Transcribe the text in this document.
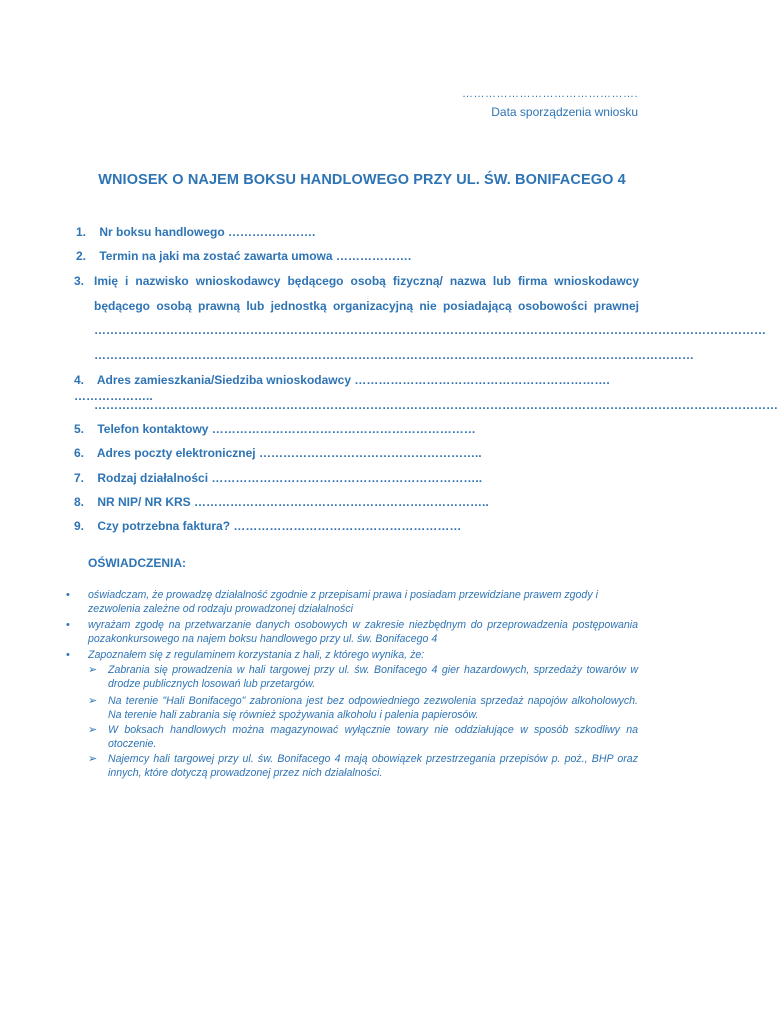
……………………………………….
Data sporządzenia wniosku
WNIOSEK O NAJEM BOKSU HANDLOWEGO PRZY UL. ŚW. BONIFACEGO 4
1. Nr boksu handlowego ………………….
2. Termin na jaki ma zostać zawarta umowa ……………….
3. Imię i nazwisko wnioskodawcy będącego osobą fizyczną/ nazwa lub firma wnioskodawcy
będącego osobą prawną lub jednostką organizacyjną nie posiadającą osobowości prawnej
……………………………………………………………………………………………………………………………………………………
……………………………………………………………………………………………………………………………………
4. Adres zamieszkania/Siedziba wnioskodawcy ………………………………………………………. ………………..
………………………………………………………………………………………………………………………………………………………
5. Telefon kontaktowy …………………………………………………………
6. Adres poczty elektronicznej ………………………………………………..
7. Rodzaj działalności …………………………………………………………..
8. NR NIP/ NR KRS ………………………………………………………………..
9. Czy potrzebna faktura? …………………………………………………
OŚWIADCZENIA:
• oświadczam, że prowadzę działalność zgodnie z przepisami prawa i posiadam przewidziane prawem zgody i zezwolenia zależne od rodzaju prowadzonej działalności
• wyrażam zgodę na przetwarzanie danych osobowych w zakresie niezbędnym do przeprowadzenia postępowania pozakonkursowego na najem boksu handlowego przy ul. św. Bonifacego 4
• Zapoznałem się z regulaminem korzystania z hali, z którego wynika, że:
➢ Zabrania się prowadzenia w hali targowej przy ul. św. Bonifacego 4 gier hazardowych, sprzedaży towarów w drodze publicznych losowań lub przetargów.
➢ Na terenie "Hali Bonifacego" zabroniona jest bez odpowiedniego zezwolenia sprzedaż napojów alkoholowych. Na terenie hali zabrania się również spożywania alkoholu i palenia papierosów.
➢ W boksach handlowych można magazynować wyłącznie towary nie oddziałujące w sposób szkodliwy na otoczenie.
➢ Najemcy hali targowej przy ul. św. Bonifacego 4 mają obowiązek przestrzegania przepisów p. poż., BHP oraz innych, które dotyczą prowadzonej przez nich działalności.
